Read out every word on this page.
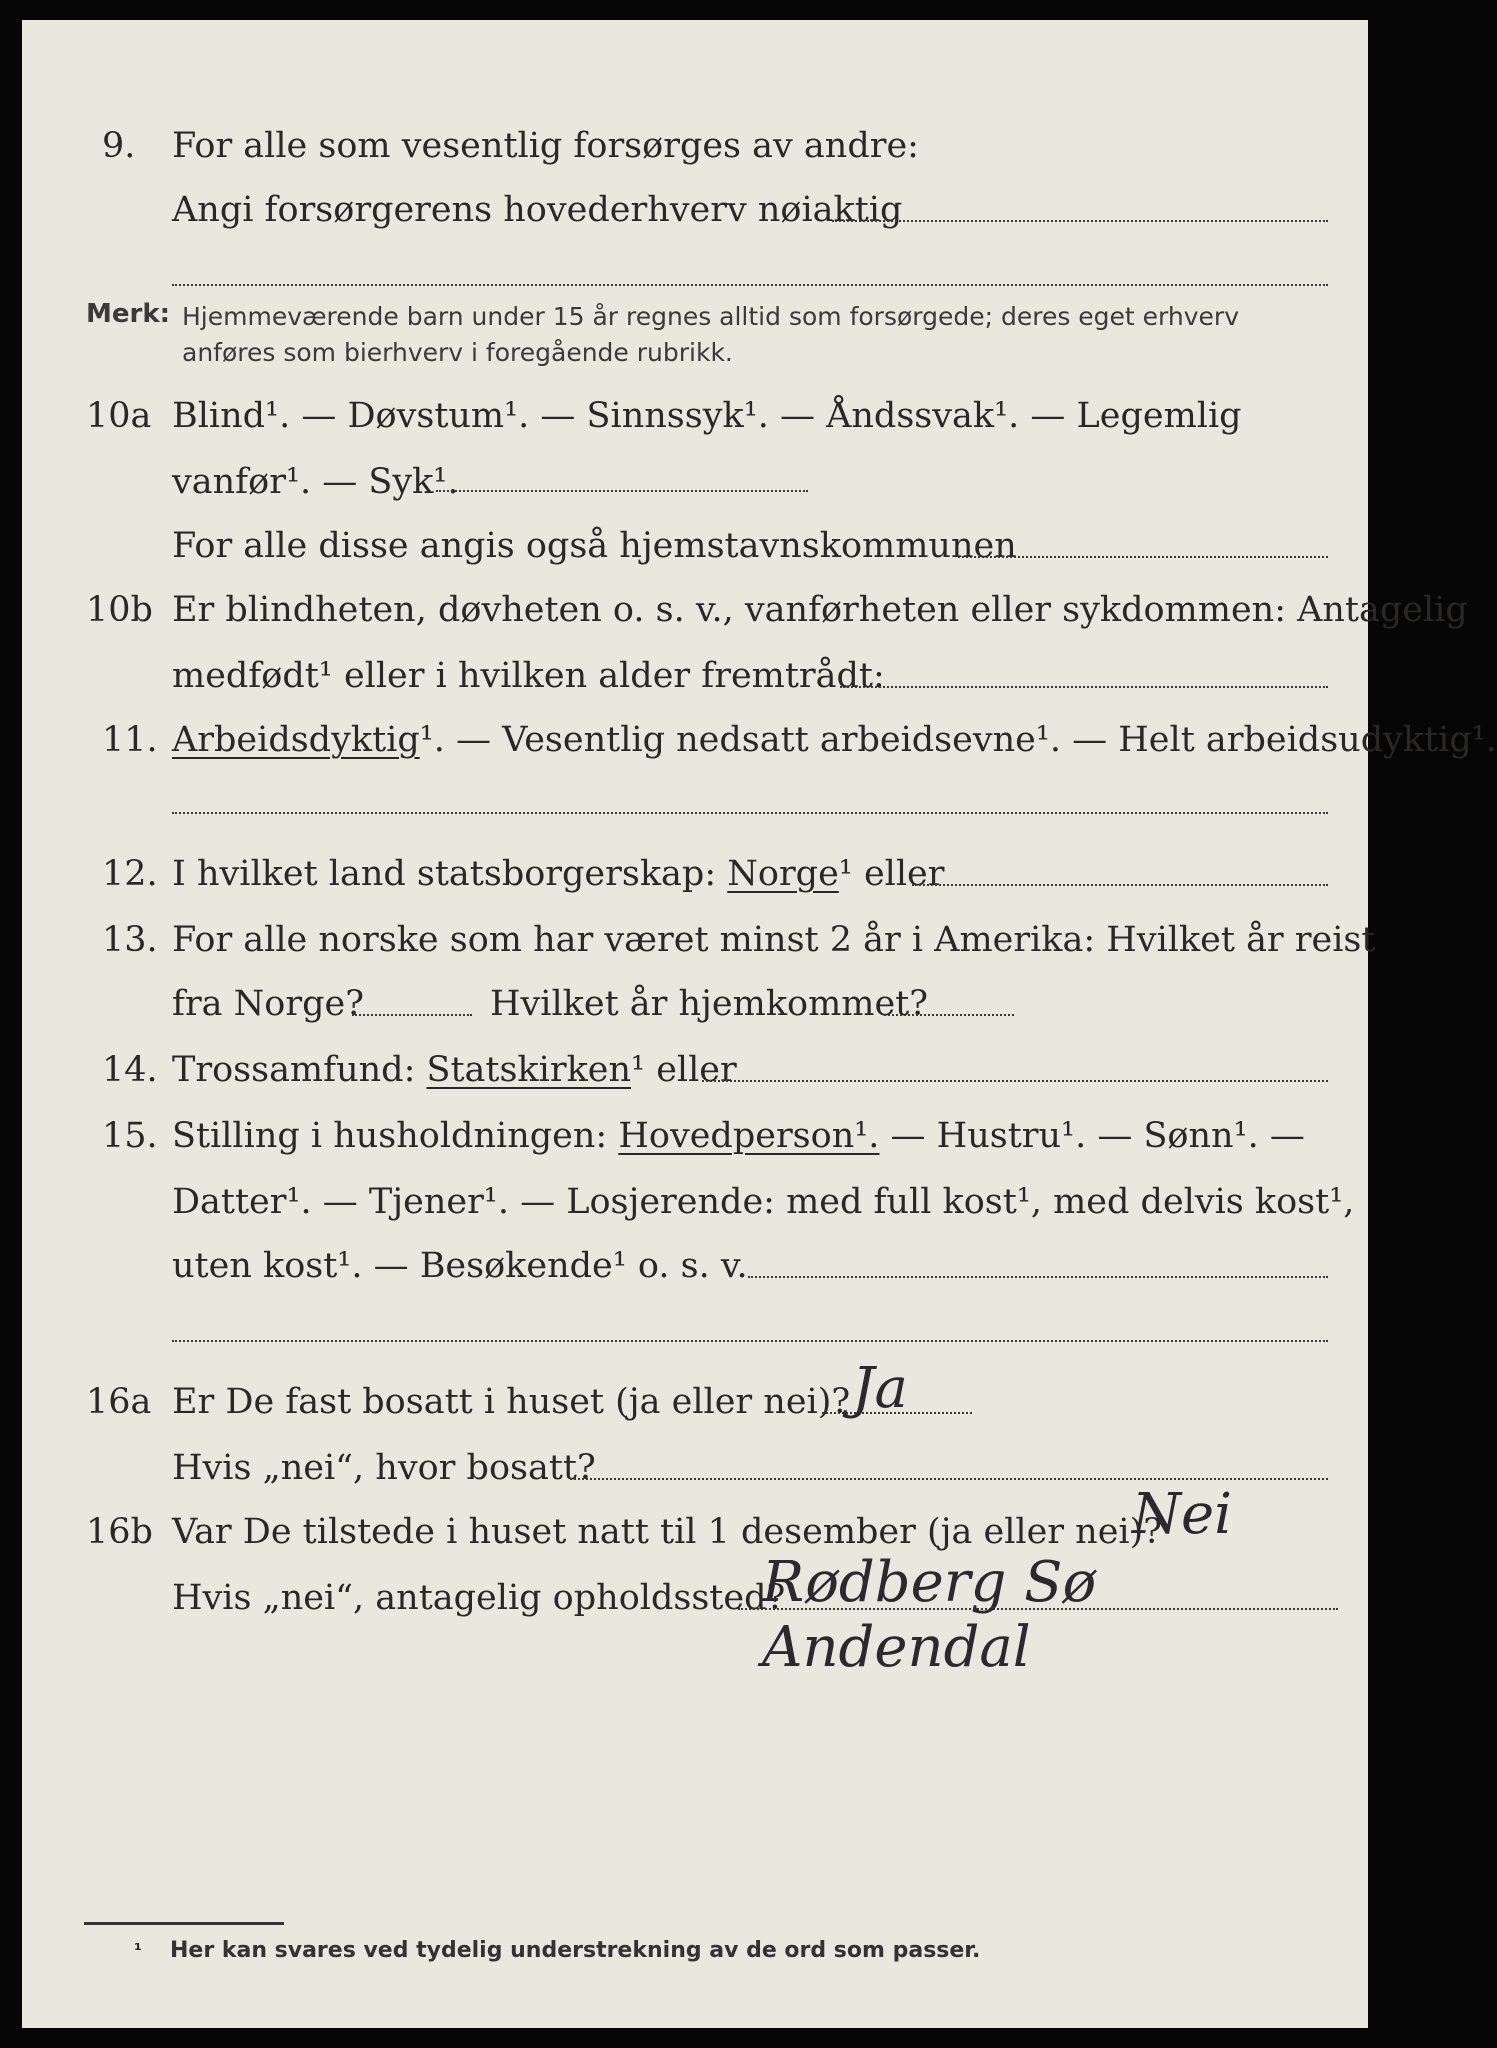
9. For alle som vesentlig forsørges av andre:
Angi forsørgerens hovederhverv nøiaktig
Merk: Hjemmeværende barn under 15 år regnes alltid som forsørgede; deres eget erhverv
anføres som bierhverv i foregående rubrikk.
10a Blind¹. — Døvstum¹. — Sinnssyk¹. — Åndssvak¹. — Legemlig
vanfør¹. — Syk¹.
For alle disse angis også hjemstavnskommunen
10b Er blindheten, døvheten o. s. v., vanførheten eller sykdommen: Antagelig
medfødt¹ eller i hvilken alder fremtrådt:
11. Arbeidsdyktig¹. — Vesentlig nedsatt arbeidsevne¹. — Helt arbeidsudyktig¹.
12. I hvilket land statsborgerskap: Norge¹ eller
13. For alle norske som har været minst 2 år i Amerika: Hvilket år reist
fra Norge?	Hvilket år hjemkommet?
14. Trossamfund: Statskirken¹ eller
15. Stilling i husholdningen: Hovedperson¹. — Hustru¹. — Sønn¹. —
Datter¹. — Tjener¹. — Losjerende: med full kost¹, med delvis kost¹,
uten kost¹. — Besøkende¹ o. s. v.
16a Er De fast bosatt i huset (ja eller nei)? Ja
Hvis „nei“, hvor bosatt?
16b Var De tilstede i huset natt til 1 desember (ja eller nei)?
Nei
Hvis „nei“, antagelig opholdssted?
Rødberg Sø Andendal
¹ Her kan svares ved tydelig understrekning av de ord som passer.
